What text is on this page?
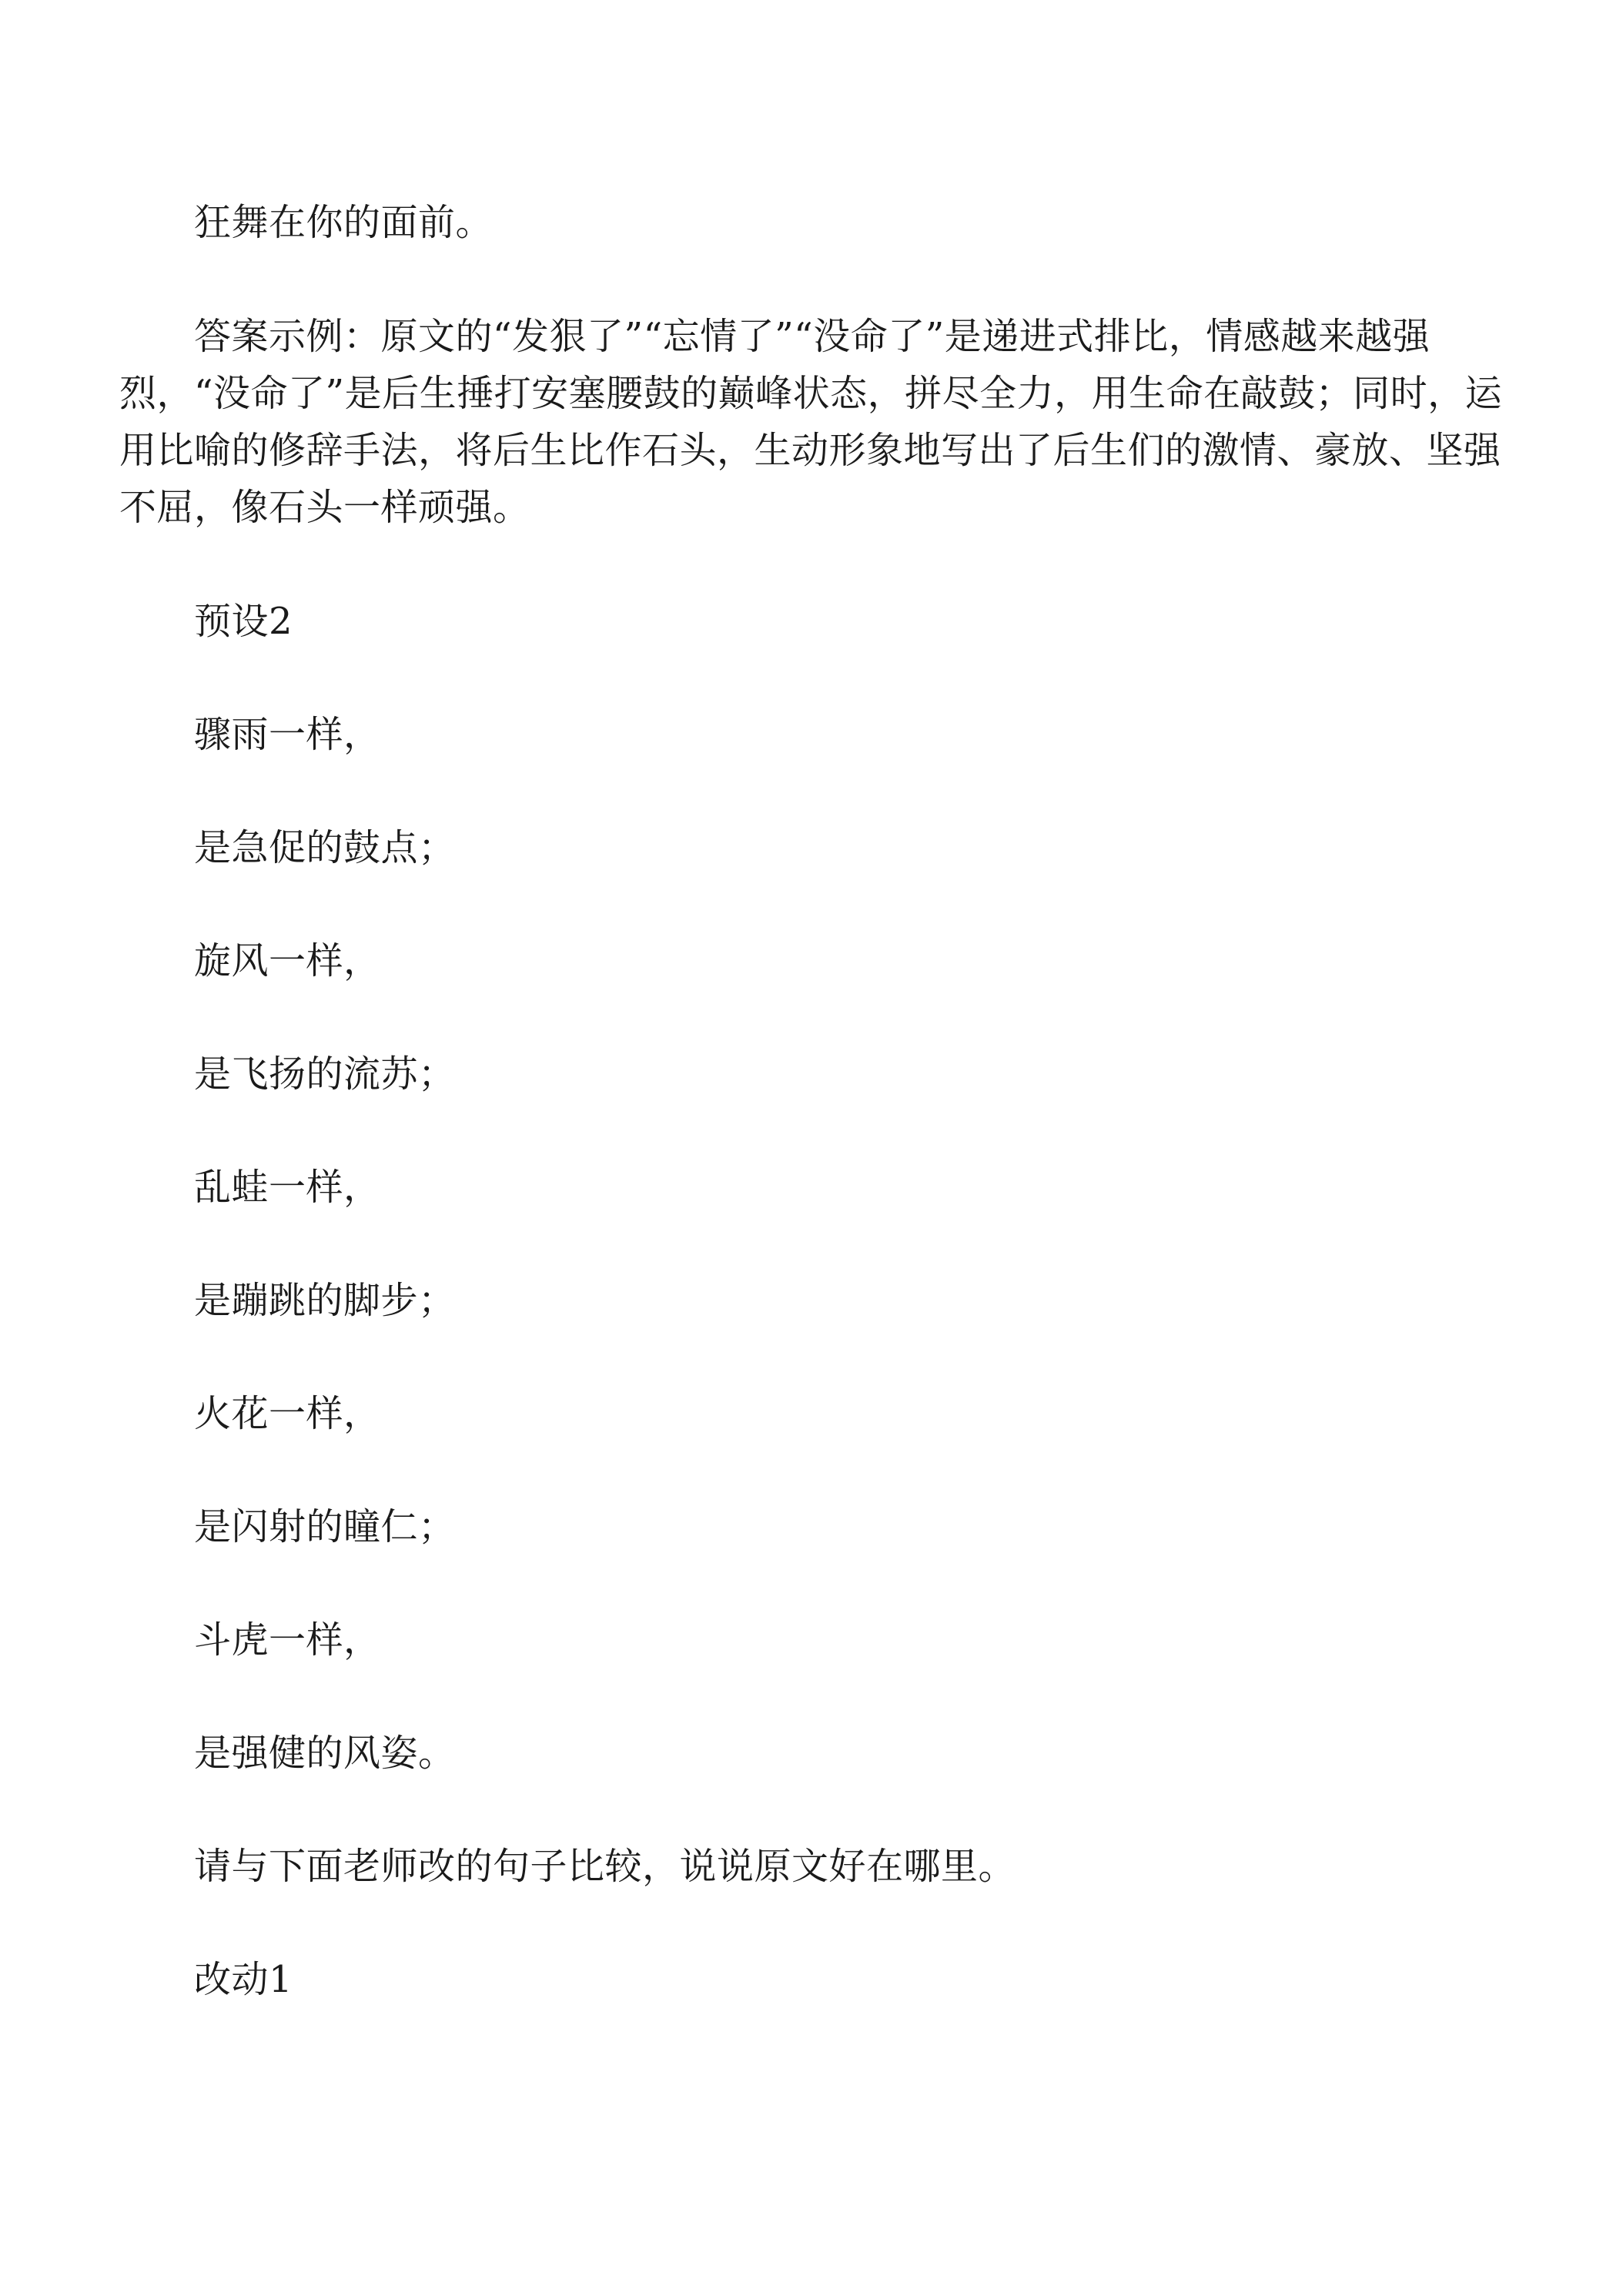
狂舞在你的面前。

答案示例：原文的“发狠了”“忘情了”“没命了”是递进式排比，情感越来越强烈，“没命了”是后生捶打安塞腰鼓的巅峰状态，拼尽全力，用生命在敲鼓；同时，运用比喻的修辞手法，将后生比作石头，生动形象地写出了后生们的激情、豪放、坚强不屈，像石头一样顽强。

预设2

骤雨一样，

是急促的鼓点；

旋风一样，

是飞扬的流苏；

乱蛙一样，

是蹦跳的脚步；

火花一样，

是闪射的瞳仁；

斗虎一样，

是强健的风姿。

请与下面老师改的句子比较，说说原文好在哪里。

改动1
